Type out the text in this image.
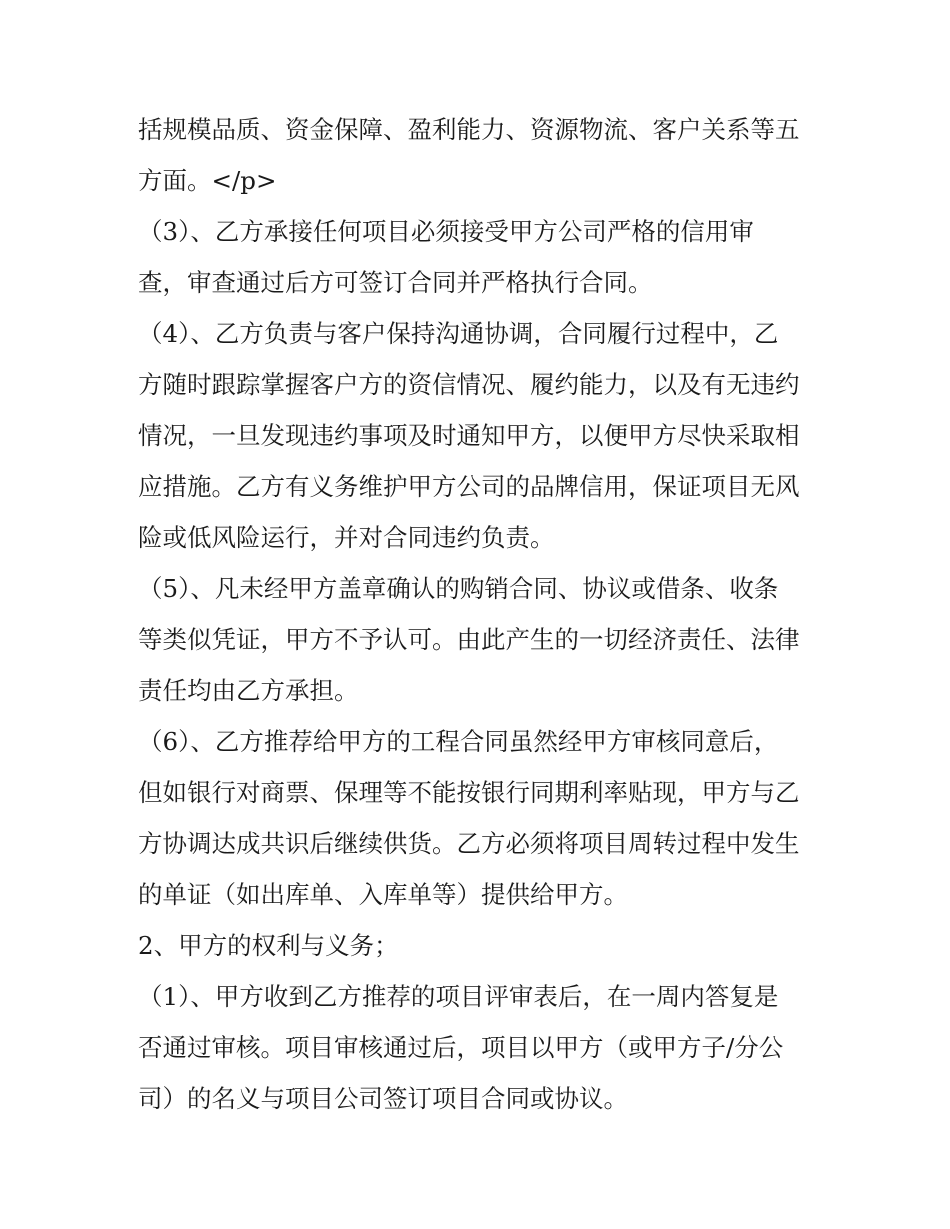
括规模品质、资金保障、盈利能力、资源物流、客户关系等五
方面。</p>
（3）、乙方承接任何项目必须接受甲方公司严格的信用审
查，审查通过后方可签订合同并严格执行合同。
（4）、乙方负责与客户保持沟通协调，合同履行过程中，乙
方随时跟踪掌握客户方的资信情况、履约能力，以及有无违约
情况，一旦发现违约事项及时通知甲方，以便甲方尽快采取相
应措施。乙方有义务维护甲方公司的品牌信用，保证项目无风
险或低风险运行，并对合同违约负责。
（5）、凡未经甲方盖章确认的购销合同、协议或借条、收条
等类似凭证，甲方不予认可。由此产生的一切经济责任、法律
责任均由乙方承担。
（6）、乙方推荐给甲方的工程合同虽然经甲方审核同意后，
但如银行对商票、保理等不能按银行同期利率贴现，甲方与乙
方协调达成共识后继续供货。乙方必须将项目周转过程中发生
的单证（如出库单、入库单等）提供给甲方。
2、甲方的权利与义务；
（1）、甲方收到乙方推荐的项目评审表后，在一周内答复是
否通过审核。项目审核通过后，项目以甲方（或甲方子/分公
司）的名义与项目公司签订项目合同或协议。
